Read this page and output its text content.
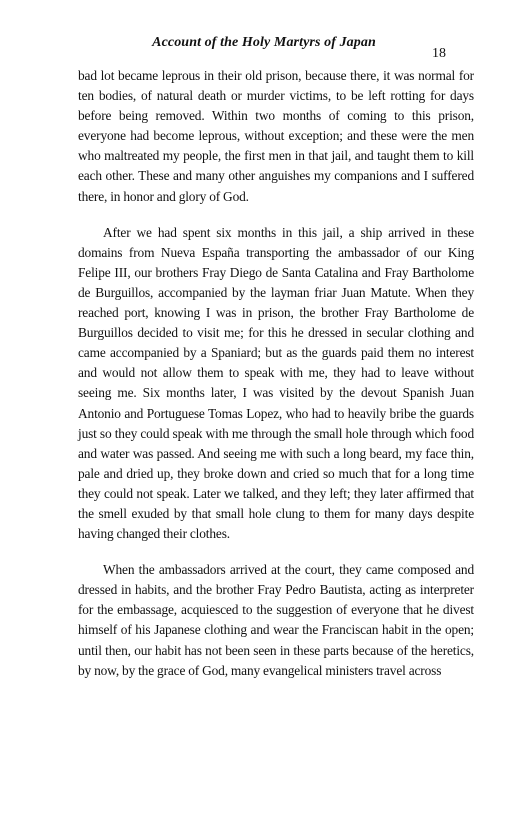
Account of the Holy Martyrs of Japan
18

bad lot became leprous in their old prison, because there, it was normal for ten bodies, of natural death or murder victims, to be left rotting for days before being removed. Within two months of coming to this prison, everyone had become leprous, without exception; and these were the men who maltreated my people, the first men in that jail, and taught them to kill each other. These and many other anguishes my companions and I suffered there, in honor and glory of God.

After we had spent six months in this jail, a ship arrived in these domains from Nueva España transporting the ambassador of our King Felipe III, our brothers Fray Diego de Santa Catalina and Fray Bartholome de Burguillos, accompanied by the layman friar Juan Matute. When they reached port, knowing I was in prison, the brother Fray Bartholome de Burguillos decided to visit me; for this he dressed in secular clothing and came accompanied by a Spaniard; but as the guards paid them no interest and would not allow them to speak with me, they had to leave without seeing me. Six months later, I was visited by the devout Spanish Juan Antonio and Portuguese Tomas Lopez, who had to heavily bribe the guards just so they could speak with me through the small hole through which food and water was passed. And seeing me with such a long beard, my face thin, pale and dried up, they broke down and cried so much that for a long time they could not speak. Later we talked, and they left; they later affirmed that the smell exuded by that small hole clung to them for many days despite having changed their clothes.

When the ambassadors arrived at the court, they came composed and dressed in habits, and the brother Fray Pedro Bautista, acting as interpreter for the embassage, acquiesced to the suggestion of everyone that he divest himself of his Japanese clothing and wear the Franciscan habit in the open; until then, our habit has not been seen in these parts because of the heretics, by now, by the grace of God, many evangelical ministers travel across
